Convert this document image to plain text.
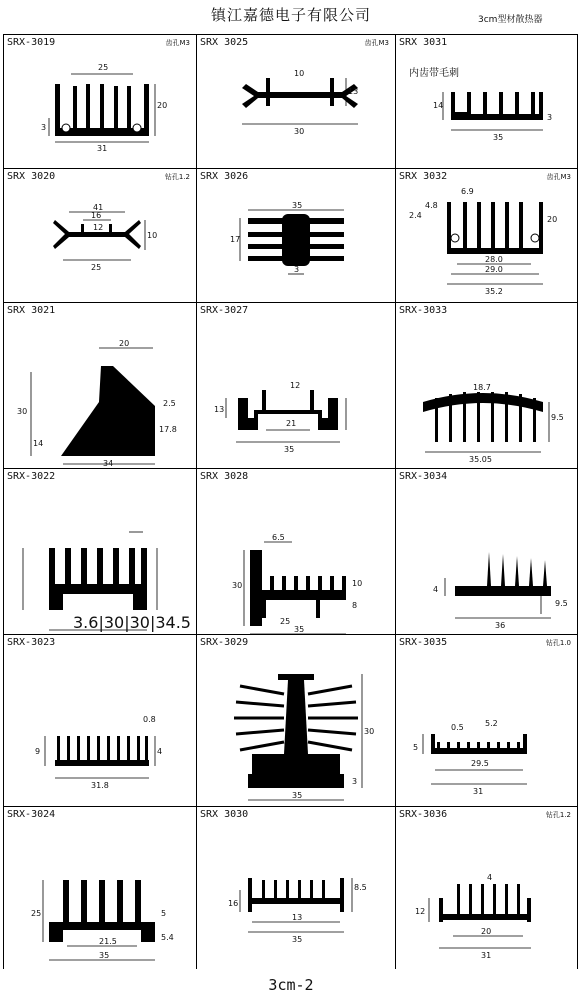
镇江嘉德电子有限公司	3cm型材散热器
SRX-3019	齿孔M3
25
20
3
31
SRX 3025	齿孔M3
10
13
30
SRX 3031
内齿带毛刺
14
3
35
SRX 3020	钻孔1.2
41
16
12
10
25
SRX 3026
35
17
3
SRX 3032	齿孔M3
6.9
2.4
4.8
20
28.0
29.0
35.2
SRX 3021
20
2.5
30
17.8
14
34
SRX-3027
12
13
21
35
SRX-3033
18.7
9.5
35.05
SRX-3022
3.6|30|30|34.5
SRX 3028
6.5
30	10
8
25
35
SRX-3034
4
9.5
36
SRX-3023
0.8
9	4
31.8
SRX-3029
30
3
35
SRX-3035	钻孔1.0
0.5	5.2
5
29.5
31
SRX-3024
25	5
21.5	5.4
35
SRX 3030
16
13
8.5
35
SRX-3036	钻孔1.2
12
4
20
31
3cm-2
